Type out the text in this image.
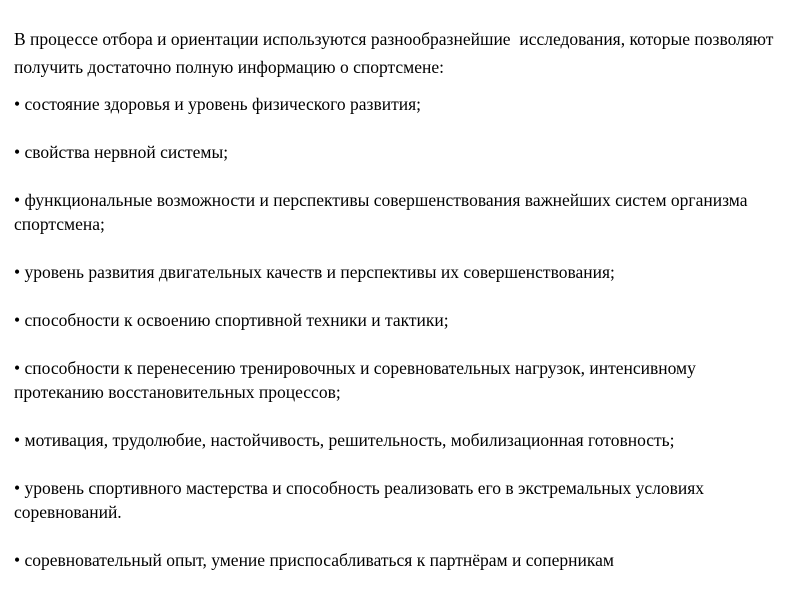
В процессе отбора и ориентации используются разнообразнейшие  исследования, которые позволяют получить достаточно полную информацию о спортсмене:

• состояние здоровья и уровень физического развития;

• свойства нервной системы;

• функциональные возможности и перспективы совершенствования важнейших систем организма спортсмена;

• уровень развития двигательных качеств и перспективы их совершенствования;

• способности к освоению спортивной техники и тактики;

• способности к перенесению тренировочных и соревновательных нагрузок, интенсивному протеканию восстановительных процессов;

• мотивация, трудолюбие, настойчивость, решительность, мобилизационная готовность;

• уровень спортивного мастерства и способность реализовать его в экстремальных условиях соревнований.

• соревновательный опыт, умение приспосабливаться к партнёрам и соперникам
